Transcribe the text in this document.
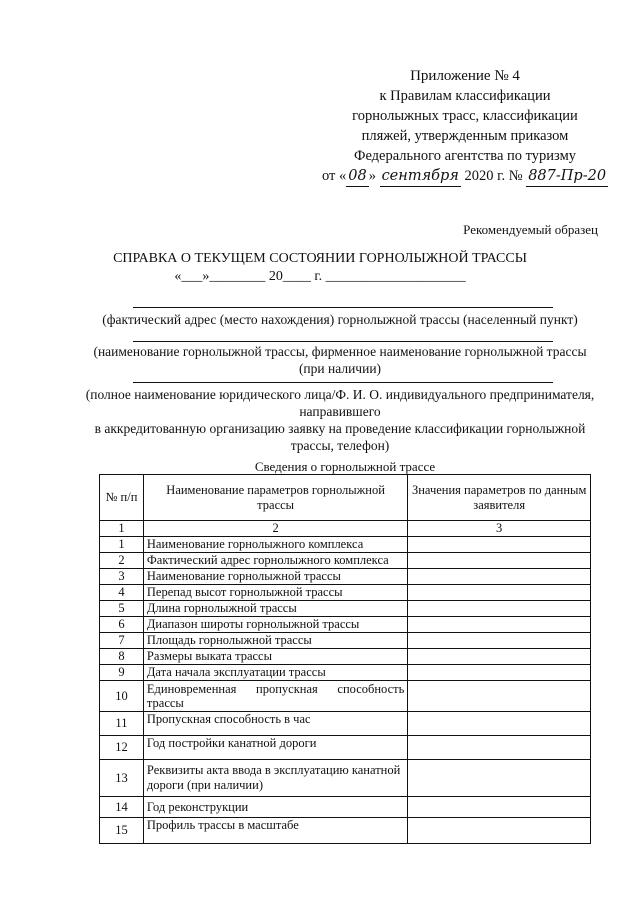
Приложение № 4
к Правилам классификации
горнолыжных трасс, классификации
пляжей, утвержденным приказом
Федерального агентства по туризму
от « 08 » сентября 2020 г. № 887-Пр-20
Рекомендуемый образец
СПРАВКА О ТЕКУЩЕМ СОСТОЯНИИ ГОРНОЛЫЖНОЙ ТРАССЫ
«___»________ 20____ г. ____________________
(фактический адрес (место нахождения) горнолыжной трассы (населенный пункт)
(наименование горнолыжной трассы, фирменное наименование горнолыжной трассы
(при наличии)
(полное наименование юридического лица/Ф. И. О. индивидуального предпринимателя,
направившего
в аккредитованную организацию заявку на проведение классификации горнолыжной
трассы, телефон)
Сведения о горнолыжной трассе
№ п/п	Наименование параметров горнолыжной трассы	Значения параметров по данным заявителя
1	2	3
1	Наименование горнолыжного комплекса	
2	Фактический адрес горнолыжного комплекса	
3	Наименование горнолыжной трассы	
4	Перепад высот горнолыжной трассы	
5	Длина горнолыжной трассы	
6	Диапазон широты горнолыжной трассы	
7	Площадь горнолыжной трассы	
8	Размеры выката трассы	
9	Дата начала эксплуатации трассы	
10	Единовременная пропускная способность трассы	
11	Пропускная способность в час	
12	Год постройки канатной дороги	
13	Реквизиты акта ввода в эксплуатацию канатной дороги (при наличии)	
14	Год реконструкции	
15	Профиль трассы в масштабе	
